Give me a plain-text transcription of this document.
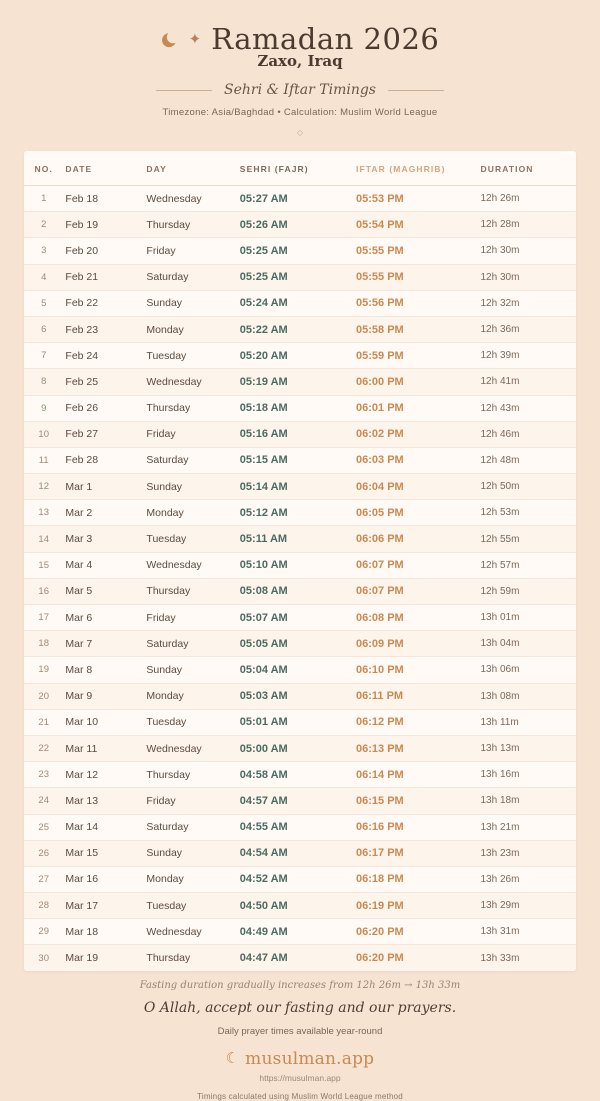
✦ Ramadan 2026
Zaxo, Iraq
Sehri & Iftar Timings
Timezone: Asia/Baghdad • Calculation: Muslim World League
◇
NO.	DATE	DAY	SEHRI (FAJR)	IFTAR (MAGHRIB)	DURATION
1	Feb 18	Wednesday	05:27 AM	05:53 PM	12h 26m
2	Feb 19	Thursday	05:26 AM	05:54 PM	12h 28m
3	Feb 20	Friday	05:25 AM	05:55 PM	12h 30m
4	Feb 21	Saturday	05:25 AM	05:55 PM	12h 30m
5	Feb 22	Sunday	05:24 AM	05:56 PM	12h 32m
6	Feb 23	Monday	05:22 AM	05:58 PM	12h 36m
7	Feb 24	Tuesday	05:20 AM	05:59 PM	12h 39m
8	Feb 25	Wednesday	05:19 AM	06:00 PM	12h 41m
9	Feb 26	Thursday	05:18 AM	06:01 PM	12h 43m
10	Feb 27	Friday	05:16 AM	06:02 PM	12h 46m
11	Feb 28	Saturday	05:15 AM	06:03 PM	12h 48m
12	Mar 1	Sunday	05:14 AM	06:04 PM	12h 50m
13	Mar 2	Monday	05:12 AM	06:05 PM	12h 53m
14	Mar 3	Tuesday	05:11 AM	06:06 PM	12h 55m
15	Mar 4	Wednesday	05:10 AM	06:07 PM	12h 57m
16	Mar 5	Thursday	05:08 AM	06:07 PM	12h 59m
17	Mar 6	Friday	05:07 AM	06:08 PM	13h 01m
18	Mar 7	Saturday	05:05 AM	06:09 PM	13h 04m
19	Mar 8	Sunday	05:04 AM	06:10 PM	13h 06m
20	Mar 9	Monday	05:03 AM	06:11 PM	13h 08m
21	Mar 10	Tuesday	05:01 AM	06:12 PM	13h 11m
22	Mar 11	Wednesday	05:00 AM	06:13 PM	13h 13m
23	Mar 12	Thursday	04:58 AM	06:14 PM	13h 16m
24	Mar 13	Friday	04:57 AM	06:15 PM	13h 18m
25	Mar 14	Saturday	04:55 AM	06:16 PM	13h 21m
26	Mar 15	Sunday	04:54 AM	06:17 PM	13h 23m
27	Mar 16	Monday	04:52 AM	06:18 PM	13h 26m
28	Mar 17	Tuesday	04:50 AM	06:19 PM	13h 29m
29	Mar 18	Wednesday	04:49 AM	06:20 PM	13h 31m
30	Mar 19	Thursday	04:47 AM	06:20 PM	13h 33m
Fasting duration gradually increases from 12h 26m → 13h 33m
O Allah, accept our fasting and our prayers.
Daily prayer times available year-round
☾ musulman.app
https://musulman.app
Timings calculated using Muslim World League method
